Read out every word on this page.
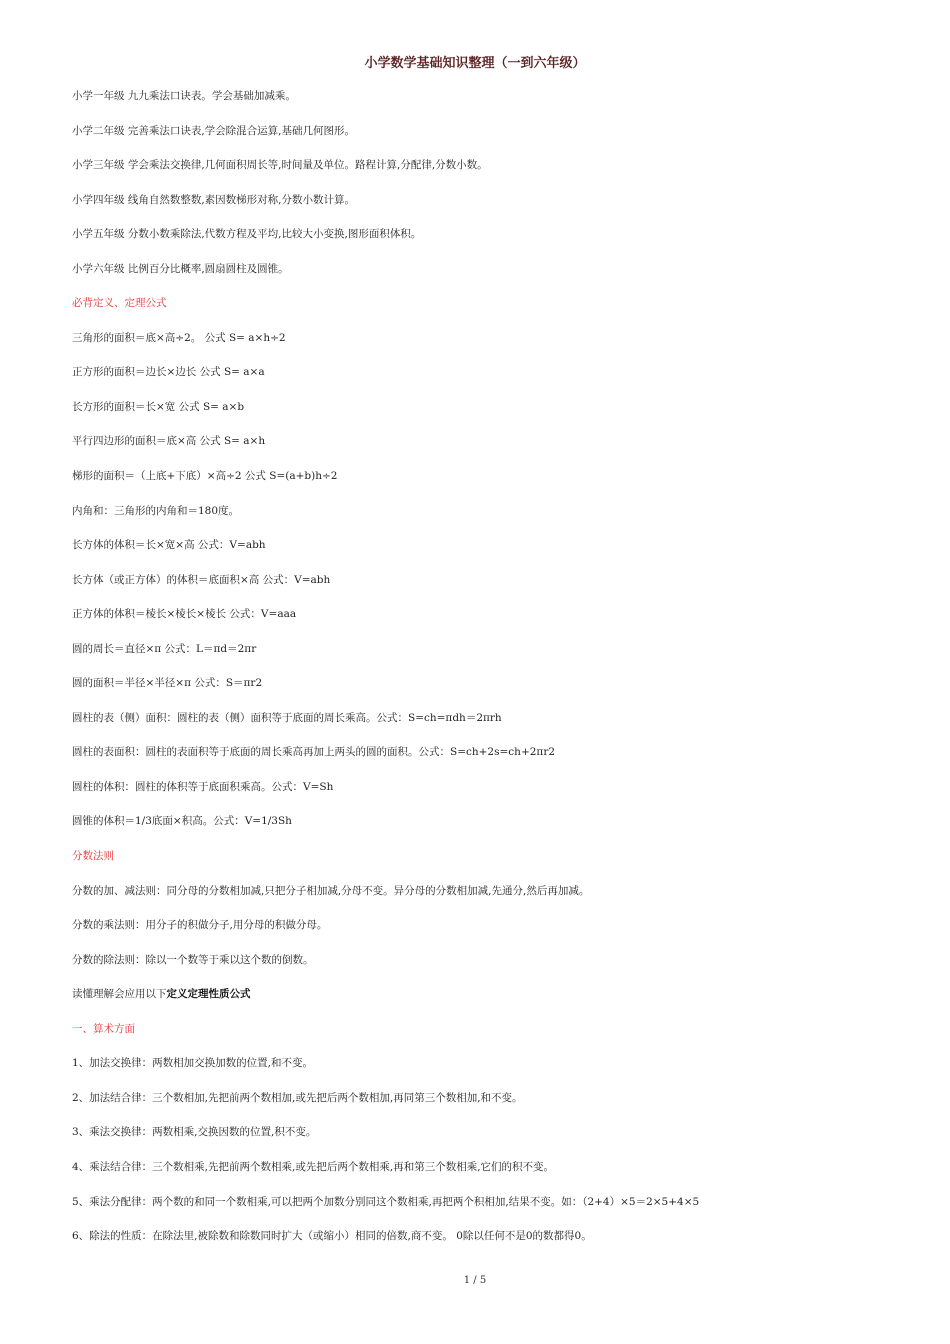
小学数学基础知识整理（一到六年级）
小学一年级 九九乘法口诀表。学会基础加减乘。
小学二年级 完善乘法口诀表,学会除混合运算,基础几何图形。
小学三年级 学会乘法交换律,几何面积周长等,时间量及单位。路程计算,分配律,分数小数。
小学四年级 线角自然数整数,素因数梯形对称,分数小数计算。
小学五年级 分数小数乘除法,代数方程及平均,比较大小变换,图形面积体积。
小学六年级 比例百分比概率,圆扇圆柱及圆锥。
必背定义、定理公式
三角形的面积＝底×高÷2。 公式 S= a×h÷2
正方形的面积＝边长×边长 公式 S= a×a
长方形的面积＝长×宽 公式 S= a×b
平行四边形的面积＝底×高 公式 S= a×h
梯形的面积＝（上底+下底）×高÷2 公式 S=(a+b)h÷2
内角和：三角形的内角和＝180度。
长方体的体积＝长×宽×高 公式：V=abh
长方体（或正方体）的体积＝底面积×高 公式：V=abh
正方体的体积＝棱长×棱长×棱长 公式：V=aaa
圆的周长＝直径×π 公式：L＝πd＝2πr
圆的面积＝半径×半径×π 公式：S＝πr2
圆柱的表（侧）面积：圆柱的表（侧）面积等于底面的周长乘高。公式：S=ch=πdh＝2πrh
圆柱的表面积：圆柱的表面积等于底面的周长乘高再加上两头的圆的面积。公式：S=ch+2s=ch+2πr2
圆柱的体积：圆柱的体积等于底面积乘高。公式：V=Sh
圆锥的体积＝1/3底面×积高。公式：V=1/3Sh
分数法则
分数的加、减法则：同分母的分数相加减,只把分子相加减,分母不变。异分母的分数相加减,先通分,然后再加减。
分数的乘法则：用分子的积做分子,用分母的积做分母。
分数的除法则：除以一个数等于乘以这个数的倒数。
读懂理解会应用以下定义定理性质公式
一、算术方面
1、加法交换律：两数相加交换加数的位置,和不变。
2、加法结合律：三个数相加,先把前两个数相加,或先把后两个数相加,再同第三个数相加,和不变。
3、乘法交换律：两数相乘,交换因数的位置,积不变。
4、乘法结合律：三个数相乘,先把前两个数相乘,或先把后两个数相乘,再和第三个数相乘,它们的积不变。
5、乘法分配律：两个数的和同一个数相乘,可以把两个加数分别同这个数相乘,再把两个积相加,结果不变。如：（2+4）×5＝2×5+4×5
6、除法的性质：在除法里,被除数和除数同时扩大（或缩小）相同的倍数,商不变。 0除以任何不是0的数都得0。
1 / 5
